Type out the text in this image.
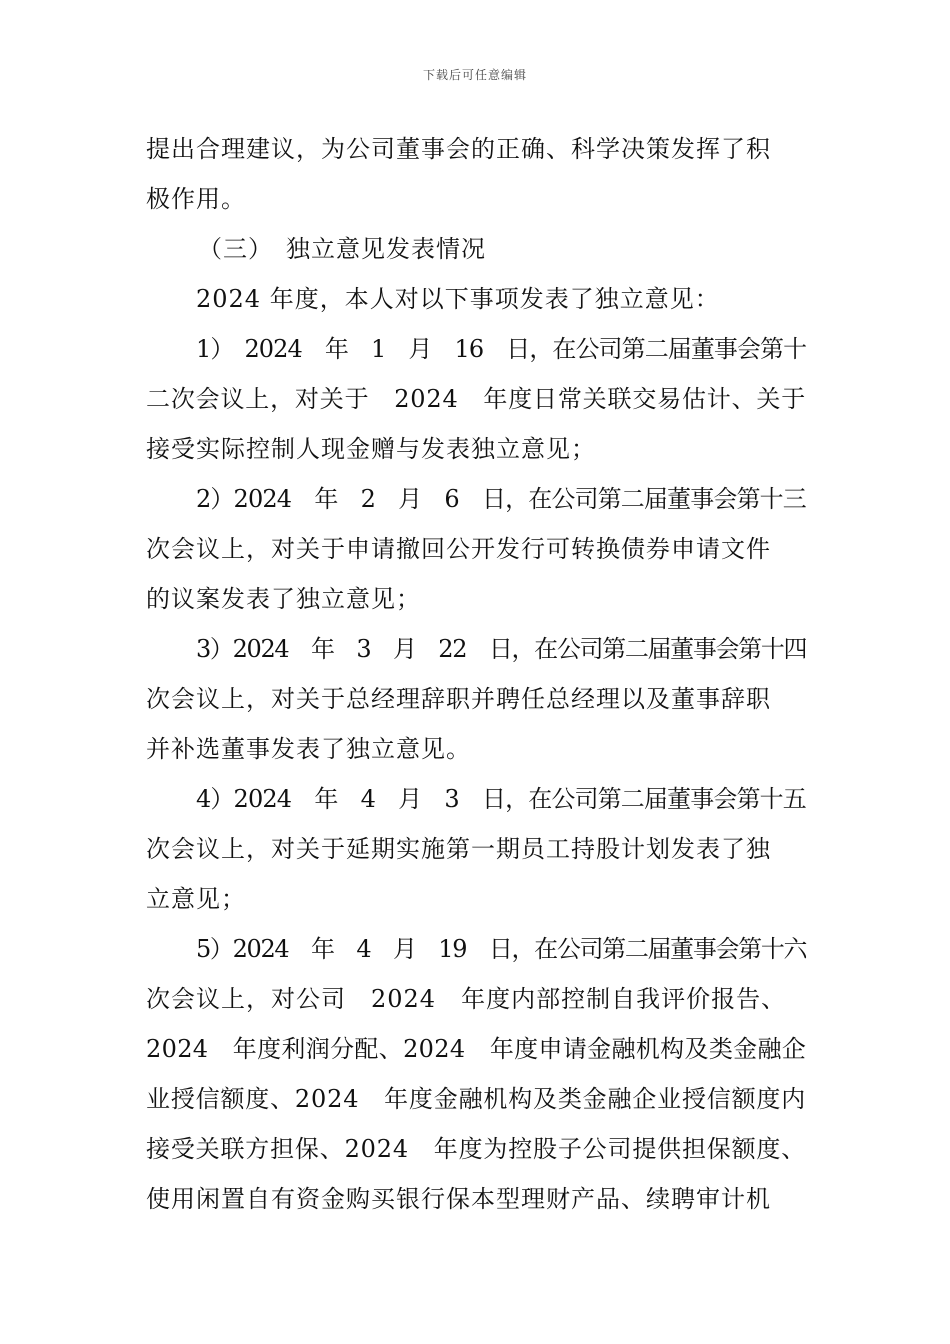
下载后可任意编辑
提出合理建议，为公司董事会的正确、科学决策发挥了积
极作用。
（三）　独立意见发表情况
2024 年度，本人对以下事项发表了独立意见：
1）　2024　年　1　月　16　日，在公司第二届董事会第十
二次会议上，对关于　2024　年度日常关联交易估计、关于
接受实际控制人现金赠与发表独立意见；
2）2024　年　2　月　6　日，在公司第二届董事会第十三
次会议上，对关于申请撤回公开发行可转换债券申请文件
的议案发表了独立意见；
3）2024　年　3　月　22　日，在公司第二届董事会第十四
次会议上，对关于总经理辞职并聘任总经理以及董事辞职
并补选董事发表了独立意见。
4）2024　年　4　月　3　日，在公司第二届董事会第十五
次会议上，对关于延期实施第一期员工持股计划发表了独
立意见；
5）2024　年　4　月　19　日，在公司第二届董事会第十六
次会议上，对公司　2024　年度内部控制自我评价报告、
2024　年度利润分配、2024　年度申请金融机构及类金融企
业授信额度、2024　年度金融机构及类金融企业授信额度内
接受关联方担保、2024　年度为控股子公司提供担保额度、
使用闲置自有资金购买银行保本型理财产品、续聘审计机
